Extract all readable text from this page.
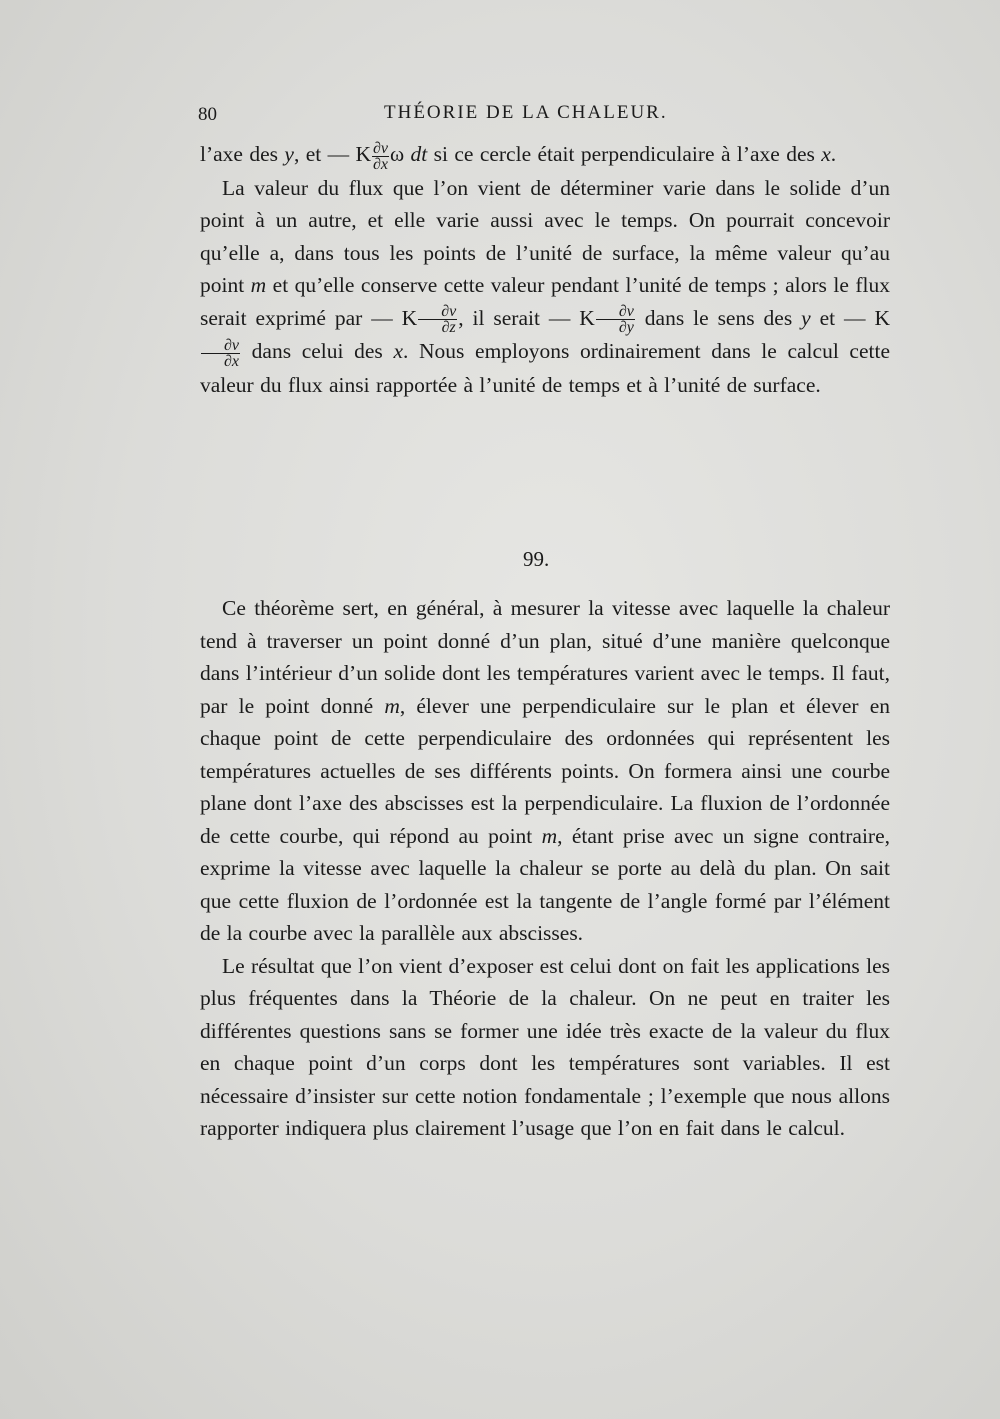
80	THÉORIE DE LA CHALEUR.

l’axe des y, et — K $\frac{\partial v}{\partial x}$ ω dt si ce cercle était perpendiculaire à l’axe des x.

La valeur du flux que l’on vient de déterminer varie dans le solide d’un point à un autre, et elle varie aussi avec le temps. On pourrait concevoir qu’elle a, dans tous les points de l’unité de surface, la même valeur qu’au point m et qu’elle conserve cette valeur pendant l’unité de temps ; alors le flux serait exprimé par — K $\frac{\partial v}{\partial z}$ , il serait — K $\frac{\partial v}{\partial y}$ dans le sens des y et — K
$\frac{\partial v}{\partial x}$ dans celui des x. Nous employons ordinairement dans le calcul cette valeur du flux ainsi rapportée à l’unité de temps et à l’unité de surface.

99.

Ce théorème sert, en général, à mesurer la vitesse avec laquelle la chaleur tend à traverser un point donné d’un plan, situé d’une manière quelconque dans l’intérieur d’un solide dont les températures varient avec le temps. Il faut, par le point donné m, élever une perpendiculaire sur le plan et élever en chaque point de cette perpendiculaire des ordonnées qui représentent les températures actuelles de ses différents points. On formera ainsi une courbe plane dont l’axe des abscisses est la perpendiculaire. La fluxion de l’ordonnée de cette courbe, qui répond au point m, étant prise avec un signe contraire, exprime la vitesse avec laquelle la chaleur se porte au delà du plan. On sait que cette fluxion de l’ordonnée est la tangente de l’angle formé par l’élément de la courbe avec la parallèle aux abscisses.

Le résultat que l’on vient d’exposer est celui dont on fait les applications les plus fréquentes dans la Théorie de la chaleur. On ne peut en traiter les différentes questions sans se former une idée très exacte de la valeur du flux en chaque point d’un corps dont les températures sont variables. Il est nécessaire d’insister sur cette notion fondamentale ; l’exemple que nous allons rapporter indiquera plus clairement l’usage que l’on en fait dans le calcul.
